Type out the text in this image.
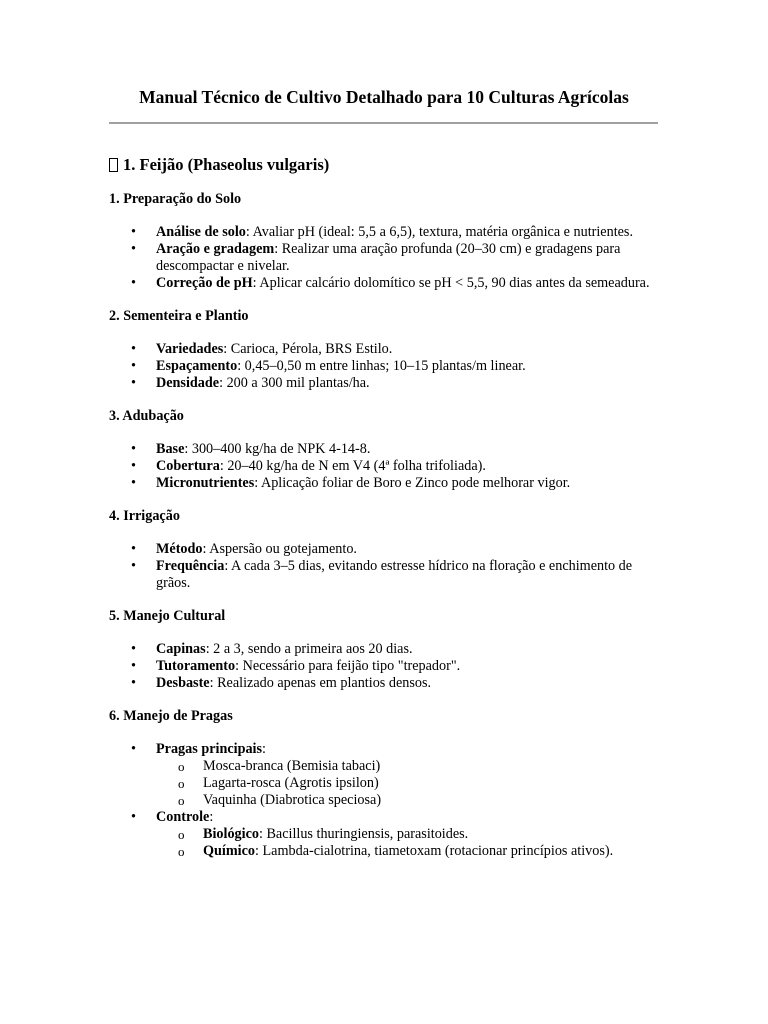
Manual Técnico de Cultivo Detalhado para 10 Culturas Agrícolas
1. Feijão (Phaseolus vulgaris)
1. Preparação do Solo
• Análise de solo: Avaliar pH (ideal: 5,5 a 6,5), textura, matéria orgânica e nutrientes.
• Aração e gradagem: Realizar uma aração profunda (20–30 cm) e gradagens para descompactar e nivelar.
• Correção de pH: Aplicar calcário dolomítico se pH < 5,5, 90 dias antes da semeadura.
2. Sementeira e Plantio
• Variedades: Carioca, Pérola, BRS Estilo.
• Espaçamento: 0,45–0,50 m entre linhas; 10–15 plantas/m linear.
• Densidade: 200 a 300 mil plantas/ha.
3. Adubação
• Base: 300–400 kg/ha de NPK 4-14-8.
• Cobertura: 20–40 kg/ha de N em V4 (4ª folha trifoliada).
• Micronutrientes: Aplicação foliar de Boro e Zinco pode melhorar vigor.
4. Irrigação
• Método: Aspersão ou gotejamento.
• Frequência: A cada 3–5 dias, evitando estresse hídrico na floração e enchimento de grãos.
5. Manejo Cultural
• Capinas: 2 a 3, sendo a primeira aos 20 dias.
• Tutoramento: Necessário para feijão tipo "trepador".
• Desbaste: Realizado apenas em plantios densos.
6. Manejo de Pragas
• Pragas principais:
o Mosca-branca (Bemisia tabaci)
o Lagarta-rosca (Agrotis ipsilon)
o Vaquinha (Diabrotica speciosa)
• Controle:
o Biológico: Bacillus thuringiensis, parasitoides.
o Químico: Lambda-cialotrina, tiametoxam (rotacionar princípios ativos).
